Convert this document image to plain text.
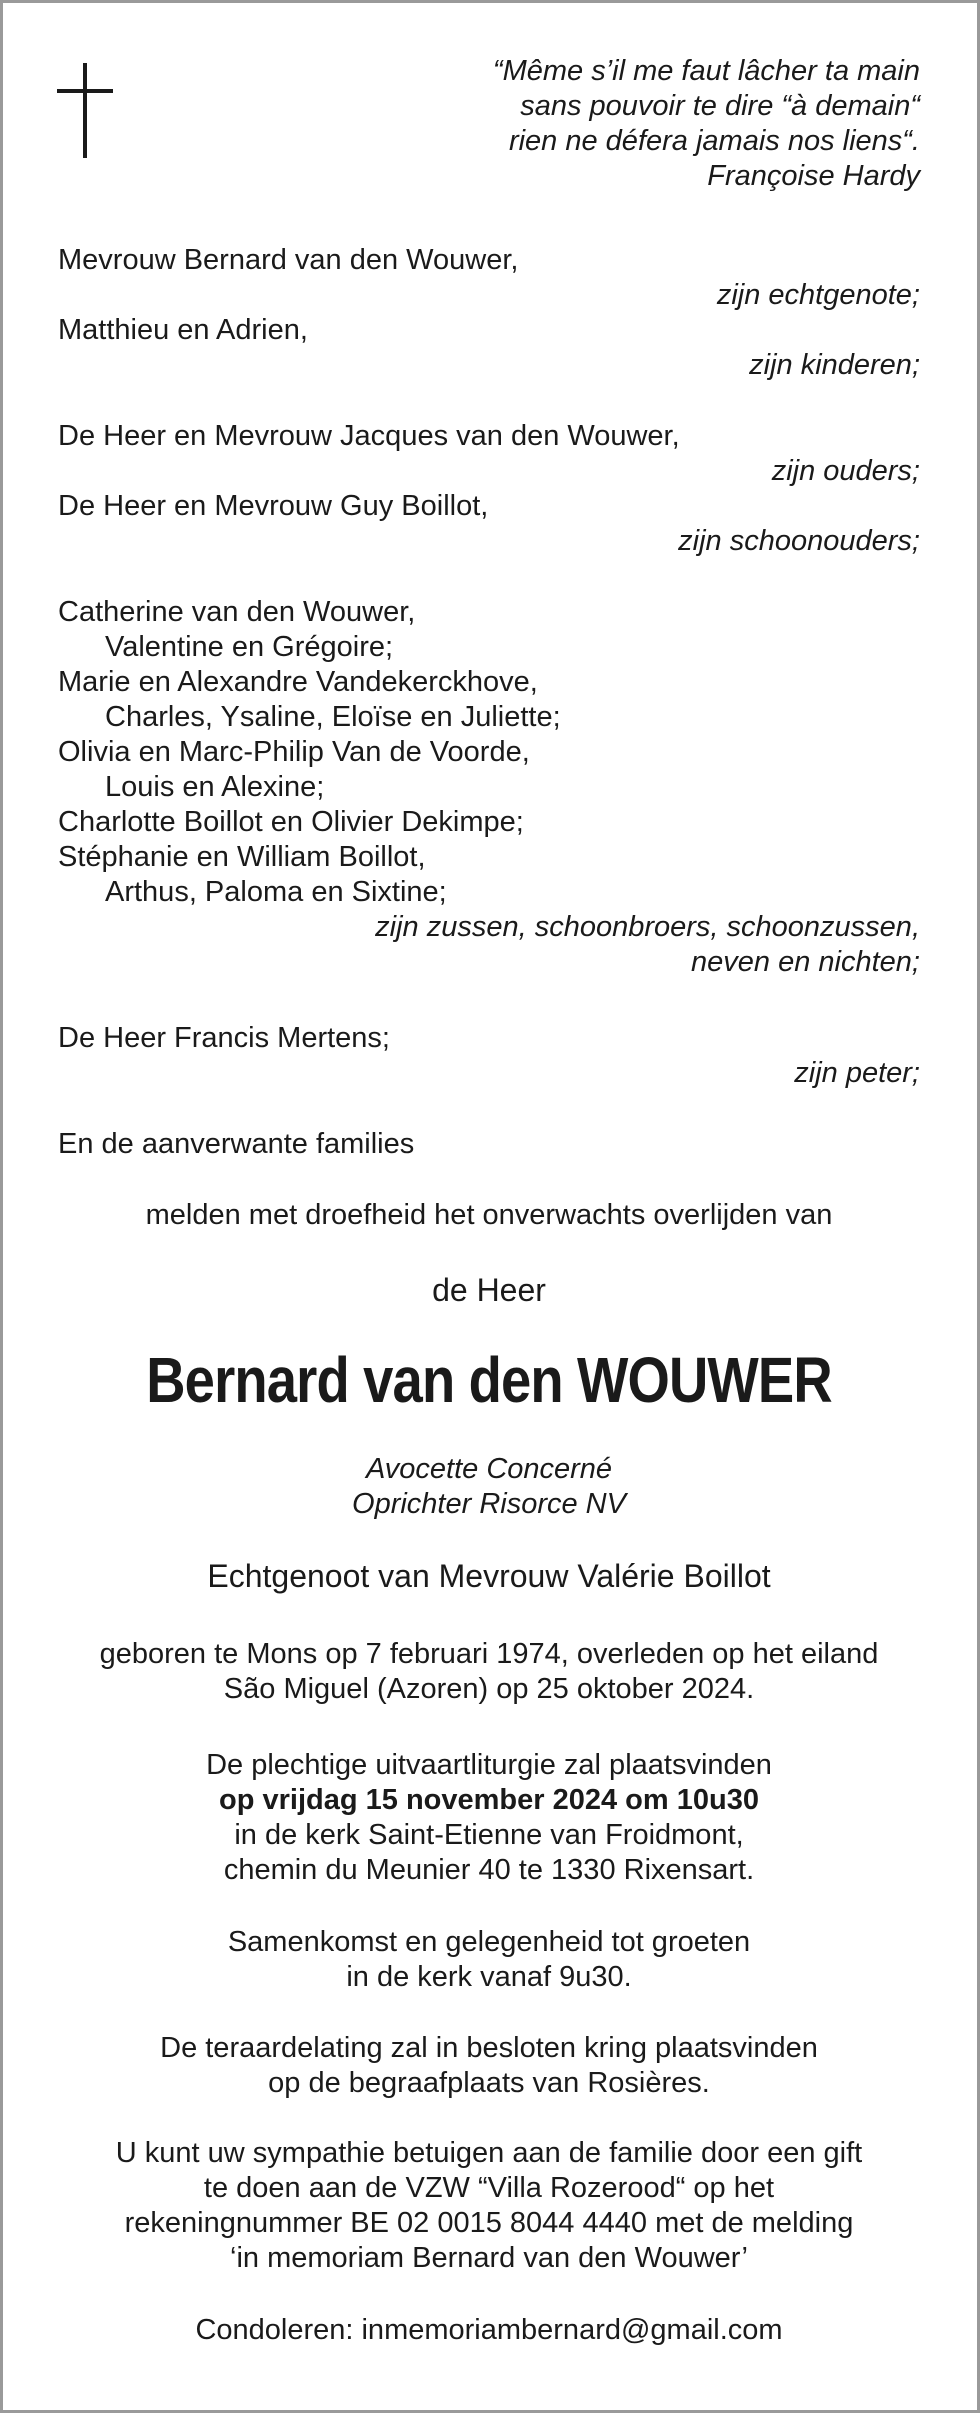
“Même s’il me faut lâcher ta main
sans pouvoir te dire “à demain“
rien ne défera jamais nos liens“.
Françoise Hardy
Mevrouw Bernard van den Wouwer,
zijn echtgenote;
Matthieu en Adrien,
zijn kinderen;
De Heer en Mevrouw Jacques van den Wouwer,
zijn ouders;
De Heer en Mevrouw Guy Boillot,
zijn schoonouders;
Catherine van den Wouwer,
Valentine en Grégoire;
Marie en Alexandre Vandekerckhove,
Charles, Ysaline, Eloïse en Juliette;
Olivia en Marc-Philip Van de Voorde,
Louis en Alexine;
Charlotte Boillot en Olivier Dekimpe;
Stéphanie en William Boillot,
Arthus, Paloma en Sixtine;
zijn zussen, schoonbroers, schoonzussen,
neven en nichten;
De Heer Francis Mertens;
zijn peter;
En de aanverwante families
melden met droefheid het onverwachts overlijden van
de Heer
Bernard van den WOUWER
Avocette Concerné
Oprichter Risorce NV
Echtgenoot van Mevrouw Valérie Boillot
geboren te Mons op 7 februari 1974, overleden op het eiland
São Miguel (Azoren) op 25 oktober 2024.
De plechtige uitvaartliturgie zal plaatsvinden
op vrijdag 15 november 2024 om 10u30
in de kerk Saint-Etienne van Froidmont,
chemin du Meunier 40 te 1330 Rixensart.
Samenkomst en gelegenheid tot groeten
in de kerk vanaf 9u30.
De teraardelating zal in besloten kring plaatsvinden
op de begraafplaats van Rosières.
U kunt uw sympathie betuigen aan de familie door een gift
te doen aan de VZW “Villa Rozerood“ op het
rekeningnummer BE 02 0015 8044 4440 met de melding
‘in memoriam Bernard van den Wouwer’
Condoleren: inmemoriambernard@gmail.com
